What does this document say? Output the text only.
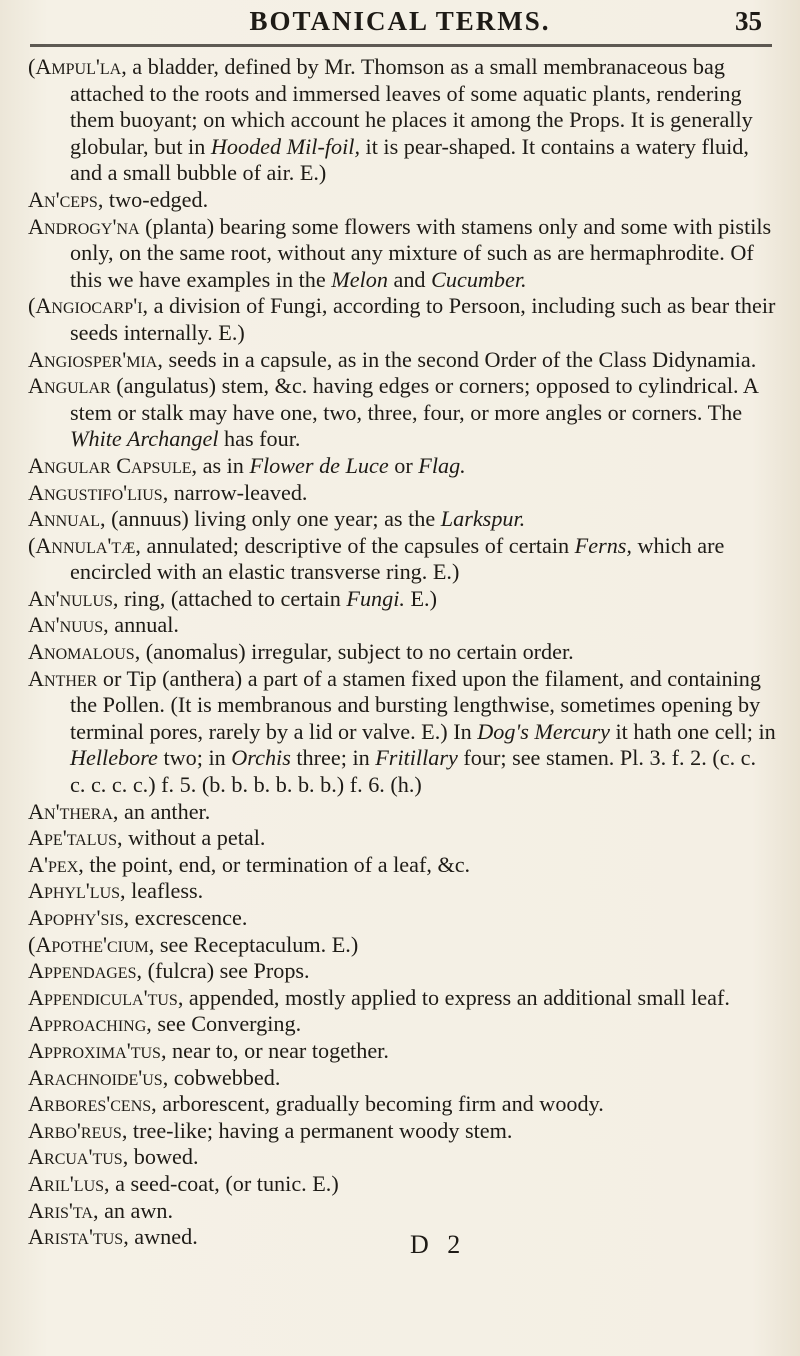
BOTANICAL TERMS.	35

(Ampul'la, a bladder, defined by Mr. Thomson as a small membranaceous bag attached to the roots and immersed leaves of some aquatic plants, rendering them buoyant; on which account he places it among the Props. It is generally globular, but in Hooded Mil-foil, it is pear-shaped. It contains a watery fluid, and a small bubble of air. E.)

An'ceps, two-edged.

Androgy'na (planta) bearing some flowers with stamens only and some with pistils only, on the same root, without any mixture of such as are hermaphrodite. Of this we have examples in the Melon and Cucumber.

(Angiocarp'i, a division of Fungi, according to Persoon, including such as bear their seeds internally. E.)

Angiosper'mia, seeds in a capsule, as in the second Order of the Class Didynamia.

Angular (angulatus) stem, &c. having edges or corners; opposed to cylindrical. A stem or stalk may have one, two, three, four, or more angles or corners. The White Archangel has four.

Angular Capsule, as in Flower de Luce or Flag.

Angustifo'lius, narrow-leaved.

Annual, (annuus) living only one year; as the Larkspur.

(Annula'tæ, annulated; descriptive of the capsules of certain Ferns, which are encircled with an elastic transverse ring. E.)

An'nulus, ring, (attached to certain Fungi. E.)

An'nuus, annual.

Anomalous, (anomalus) irregular, subject to no certain order.

Anther or Tip (anthera) a part of a stamen fixed upon the filament, and containing the Pollen. (It is membranous and bursting lengthwise, sometimes opening by terminal pores, rarely by a lid or valve. E.) In Dog's Mercury it hath one cell; in Hellebore two; in Orchis three; in Fritillary four; see stamen. Pl. 3. f. 2. (c. c. c. c. c. c.) f. 5. (b. b. b. b. b. b.) f. 6. (h.)

An'thera, an anther.

Ape'talus, without a petal.

A'pex, the point, end, or termination of a leaf, &c.

Aphyl'lus, leafless.

Apophy'sis, excrescence.

(Apothe'cium, see Receptaculum. E.)

Appendages, (fulcra) see Props.

Appendicula'tus, appended, mostly applied to express an additional small leaf.

Approaching, see Converging.

Approxima'tus, near to, or near together.

Arachnoide'us, cobwebbed.

Arbores'cens, arborescent, gradually becoming firm and woody.

Arbo'reus, tree-like; having a permanent woody stem.

Arcua'tus, bowed.

Aril'lus, a seed-coat, (or tunic. E.)

Aris'ta, an awn.

Arista'tus, awned.	D 2
